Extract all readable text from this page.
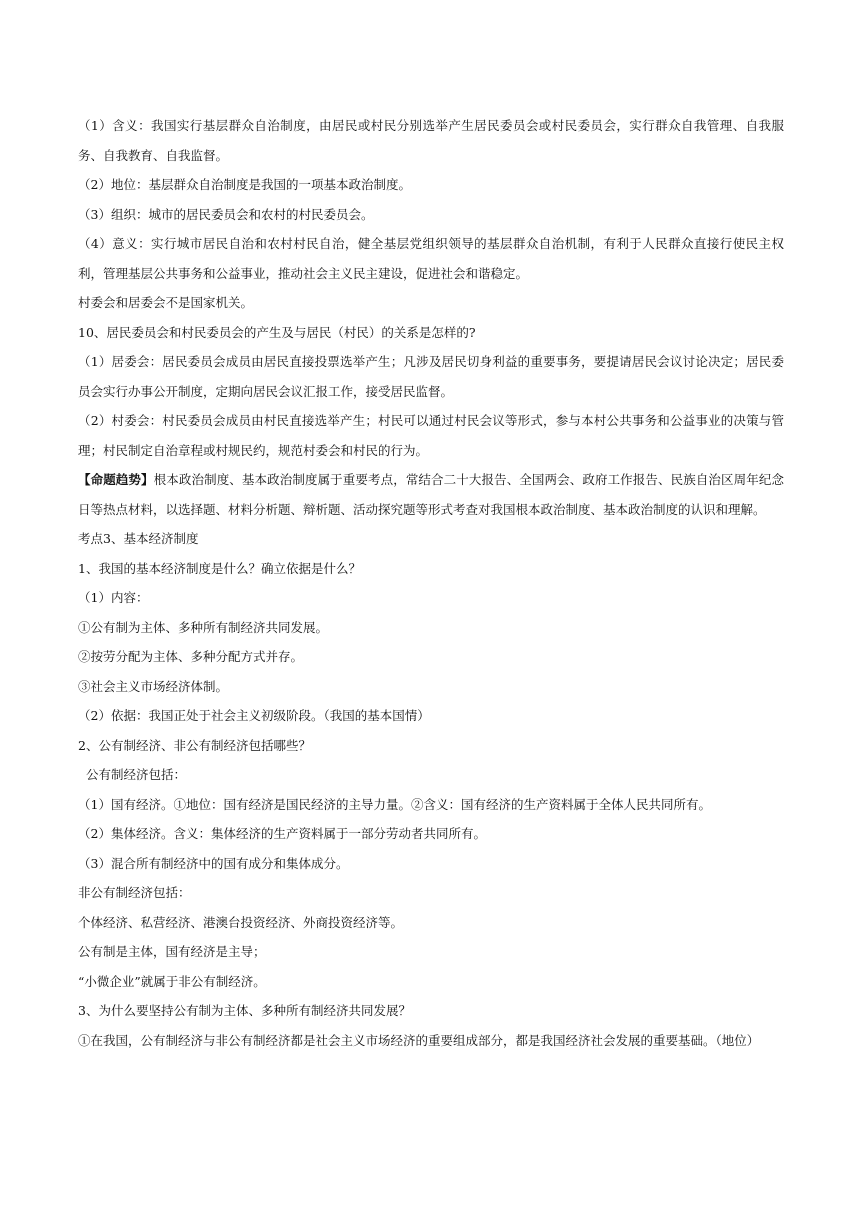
（1）含义：我国实行基层群众自治制度，由居民或村民分别选举产生居民委员会或村民委员会，实行群众自我管理、自我服务、自我教育、自我监督。

（2）地位：基层群众自治制度是我国的一项基本政治制度。

（3）组织：城市的居民委员会和农村的村民委员会。

（4）意义：实行城市居民自治和农村村民自治，健全基层党组织领导的基层群众自治机制，有利于人民群众直接行使民主权利，管理基层公共事务和公益事业，推动社会主义民主建设，促进社会和谐稳定。

村委会和居委会不是国家机关。

10、居民委员会和村民委员会的产生及与居民（村民）的关系是怎样的?

（1）居委会：居民委员会成员由居民直接投票选举产生；凡涉及居民切身利益的重要事务，要提请居民会议讨论决定；居民委员会实行办事公开制度，定期向居民会议汇报工作，接受居民监督。

（2）村委会：村民委员会成员由村民直接选举产生；村民可以通过村民会议等形式，参与本村公共事务和公益事业的决策与管理；村民制定自治章程或村规民约，规范村委会和村民的行为。

【命题趋势】根本政治制度、基本政治制度属于重要考点，常结合二十大报告、全国两会、政府工作报告、民族自治区周年纪念日等热点材料，以选择题、材料分析题、辩析题、活动探究题等形式考查对我国根本政治制度、基本政治制度的认识和理解。

考点3、基本经济制度

1、我国的基本经济制度是什么？确立依据是什么？

（1）内容：

①公有制为主体、多种所有制经济共同发展。

②按劳分配为主体、多种分配方式并存。

③社会主义市场经济体制。

（2）依据：我国正处于社会主义初级阶段。（我国的基本国情）

2、公有制经济、非公有制经济包括哪些？

公有制经济包括：

（1）国有经济。①地位：国有经济是国民经济的主导力量。②含义：国有经济的生产资料属于全体人民共同所有。

（2）集体经济。含义：集体经济的生产资料属于一部分劳动者共同所有。

（3）混合所有制经济中的国有成分和集体成分。

非公有制经济包括：

个体经济、私营经济、港澳台投资经济、外商投资经济等。

公有制是主体，国有经济是主导；

“小微企业”就属于非公有制经济。

3、为什么要坚持公有制为主体、多种所有制经济共同发展？

①在我国，公有制经济与非公有制经济都是社会主义市场经济的重要组成部分，都是我国经济社会发展的重要基础。（地位）
